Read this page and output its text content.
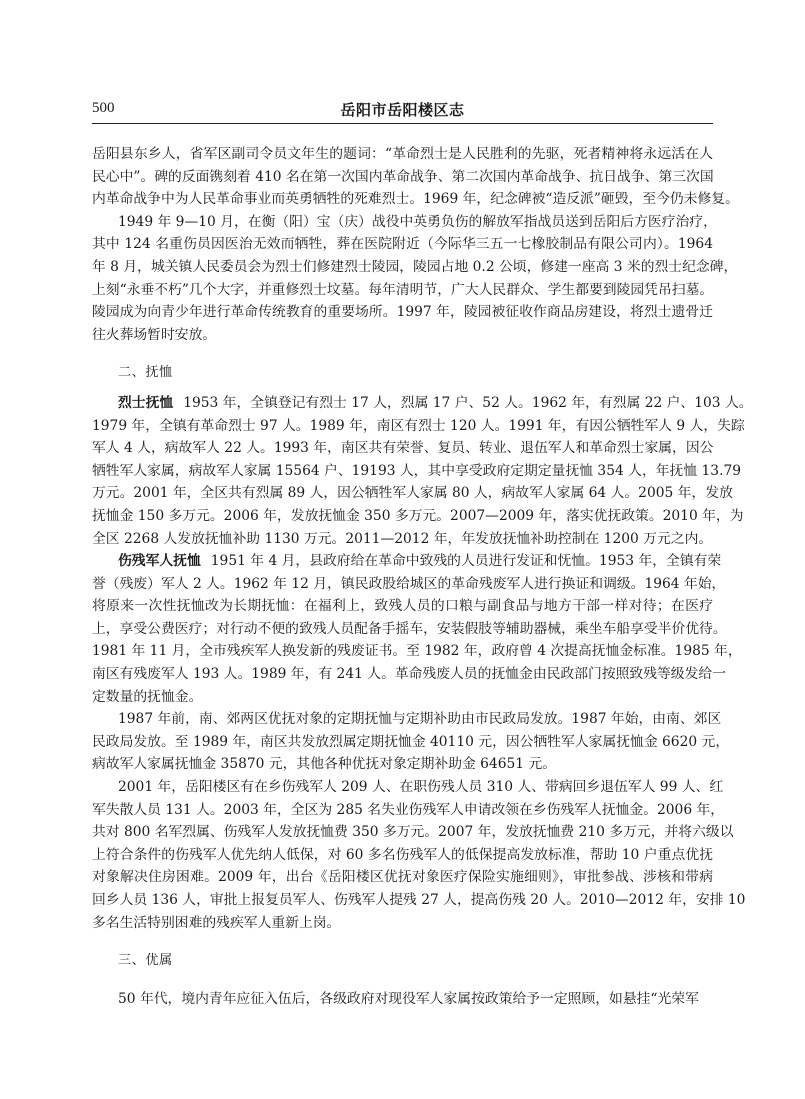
500	岳阳市岳阳楼区志
岳阳县东乡人，省军区副司令员文年生的题词：“革命烈士是人民胜利的先驱，死者精神将永远活在人
民心中”。碑的反面镌刻着 410 名在第一次国内革命战争、第二次国内革命战争、抗日战争、第三次国
内革命战争中为人民革命事业而英勇牺牲的死难烈士。1969 年，纪念碑被“造反派”砸毁，至今仍未修复。
1949 年 9—10 月，在衡（阳）宝（庆）战役中英勇负伤的解放军指战员送到岳阳后方医疗治疗，
其中 124 名重伤员因医治无效而牺牲，葬在医院附近（今际华三五一七橡胶制品有限公司内）。1964
年 8 月，城关镇人民委员会为烈士们修建烈士陵园，陵园占地 0.2 公顷，修建一座高 3 米的烈士纪念碑，
上刻“永垂不朽”几个大字，并重修烈士坟墓。每年清明节，广大人民群众、学生都要到陵园凭吊扫墓。
陵园成为向青少年进行革命传统教育的重要场所。1997 年，陵园被征收作商品房建设，将烈士遗骨迁
往火葬场暂时安放。
二、抚恤
烈士抚恤 1953 年，全镇登记有烈士 17 人，烈属 17 户、52 人。1962 年，有烈属 22 户、103 人。
1979 年，全镇有革命烈士 97 人。1989 年，南区有烈士 120 人。1991 年，有因公牺牲军人 9 人，失踪
军人 4 人，病故军人 22 人。1993 年，南区共有荣誉、复员、转业、退伍军人和革命烈士家属，因公
牺牲军人家属，病故军人家属 15564 户、19193 人，其中享受政府定期定量抚恤 354 人，年抚恤 13.79
万元。2001 年，全区共有烈属 89 人，因公牺牲军人家属 80 人，病故军人家属 64 人。2005 年，发放
抚恤金 150 多万元。2006 年，发放抚恤金 350 多万元。2007—2009 年，落实优抚政策。2010 年，为
全区 2268 人发放抚恤补助 1130 万元。2011—2012 年，年发放抚恤补助控制在 1200 万元之内。
伤残军人抚恤 1951 年 4 月，县政府给在革命中致残的人员进行发证和怃恤。1953 年，全镇有荣
誉（残废）军人 2 人。1962 年 12 月，镇民政股给城区的革命残废军人进行换证和调级。1964 年始，
将原来一次性抚恤改为长期抚恤：在福利上，致残人员的口粮与副食品与地方干部一样对待；在医疗
上，享受公费医疗；对行动不便的致残人员配备手摇车，安装假肢等辅助器械，乘坐车船享受半价优待。
1981 年 11 月，全市残疾军人换发新的残废证书。至 1982 年，政府曾 4 次提高抚恤金标准。1985 年，
南区有残废军人 193 人。1989 年，有 241 人。革命残废人员的抚恤金由民政部门按照致残等级发给一
定数量的抚恤金。
1987 年前，南、郊两区优抚对象的定期抚恤与定期补助由市民政局发放。1987 年始，由南、郊区
民政局发放。至 1989 年，南区共发放烈属定期抚恤金 40110 元，因公牺牲军人家属抚恤金 6620 元，
病故军人家属抚恤金 35870 元，其他各种优抚对象定期补助金 64651 元。
2001 年，岳阳楼区有在乡伤残军人 209 人、在职伤残人员 310 人、带病回乡退伍军人 99 人、红
军失散人员 131 人。2003 年，全区为 285 名失业伤残军人申请改领在乡伤残军人抚恤金。2006 年，
共对 800 名军烈属、伤残军人发放抚恤费 350 多万元。2007 年，发放抚恤费 210 多万元，并将六级以
上符合条件的伤残军人优先纳人低保，对 60 多名伤残军人的低保提高发放标准，帮助 10 户重点优抚
对象解决住房困难。2009 年，出台《岳阳楼区优抚对象医疗保险实施细则》，审批参战、涉核和带病
回乡人员 136 人，审批上报复员军人、伤残军人提残 27 人，提高伤残 20 人。2010—2012 年，安排 10
多名生活特别困难的残疾军人重新上岗。
三、优属
50 年代，境内青年应征入伍后，各级政府对现役军人家属按政策给予一定照顾，如悬挂“光荣军
